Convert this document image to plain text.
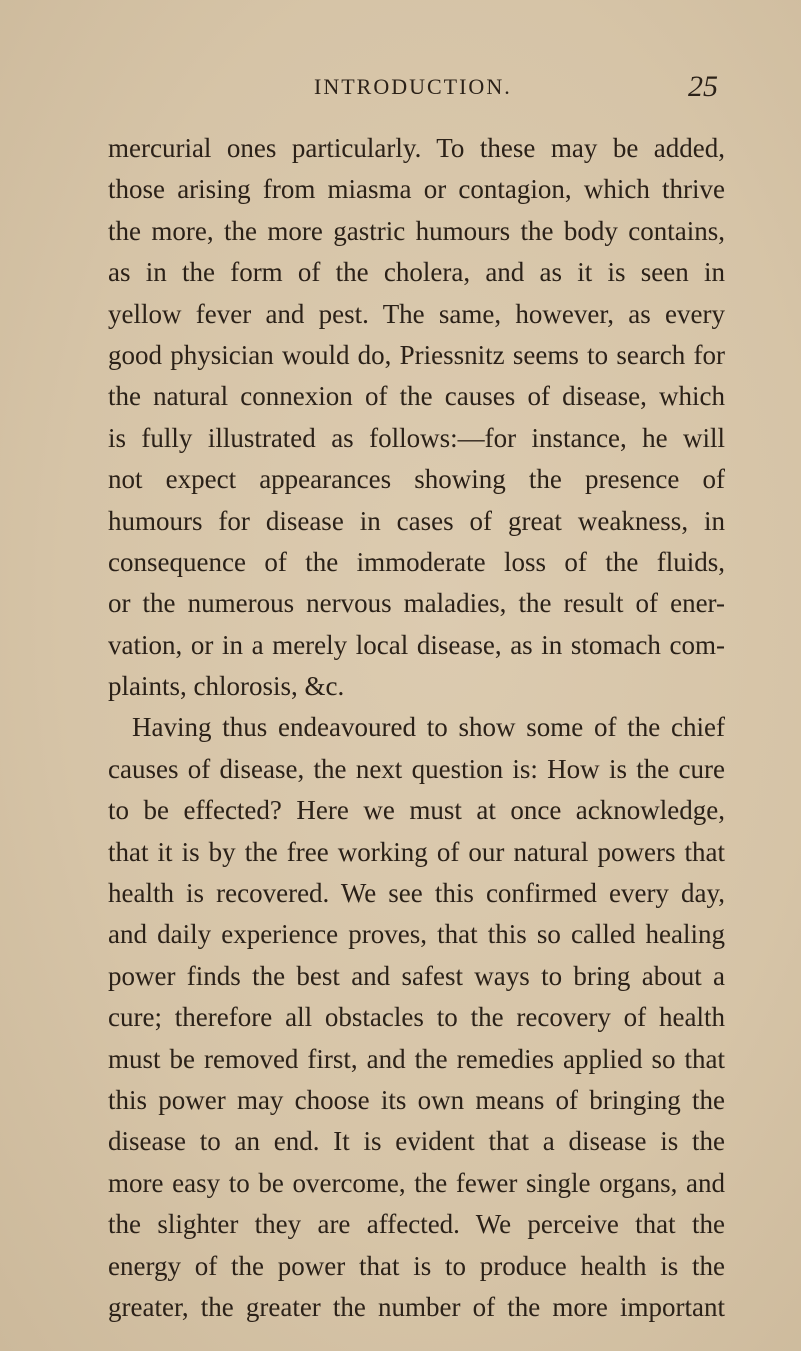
INTRODUCTION.	25
mercurial ones particularly. To these may be added,
those arising from miasma or contagion, which thrive
the more, the more gastric humours the body contains,
as in the form of the cholera, and as it is seen in
yellow fever and pest. The same, however, as every
good physician would do, Priessnitz seems to search for
the natural connexion of the causes of disease, which
is fully illustrated as follows:—for instance, he will
not expect appearances showing the presence of
humours for disease in cases of great weakness, in
consequence of the immoderate loss of the fluids,
or the numerous nervous maladies, the result of ener-
vation, or in a merely local disease, as in stomach com-
plaints, chlorosis, &c.
Having thus endeavoured to show some of the chief
causes of disease, the next question is: How is the cure
to be effected? Here we must at once acknowledge,
that it is by the free working of our natural powers that
health is recovered. We see this confirmed every day,
and daily experience proves, that this so called healing
power finds the best and safest ways to bring about a
cure; therefore all obstacles to the recovery of health
must be removed first, and the remedies applied so that
this power may choose its own means of bringing the
disease to an end. It is evident that a disease is the
more easy to be overcome, the fewer single organs, and
the slighter they are affected. We perceive that the
energy of the power that is to produce health is the
greater, the greater the number of the more important
